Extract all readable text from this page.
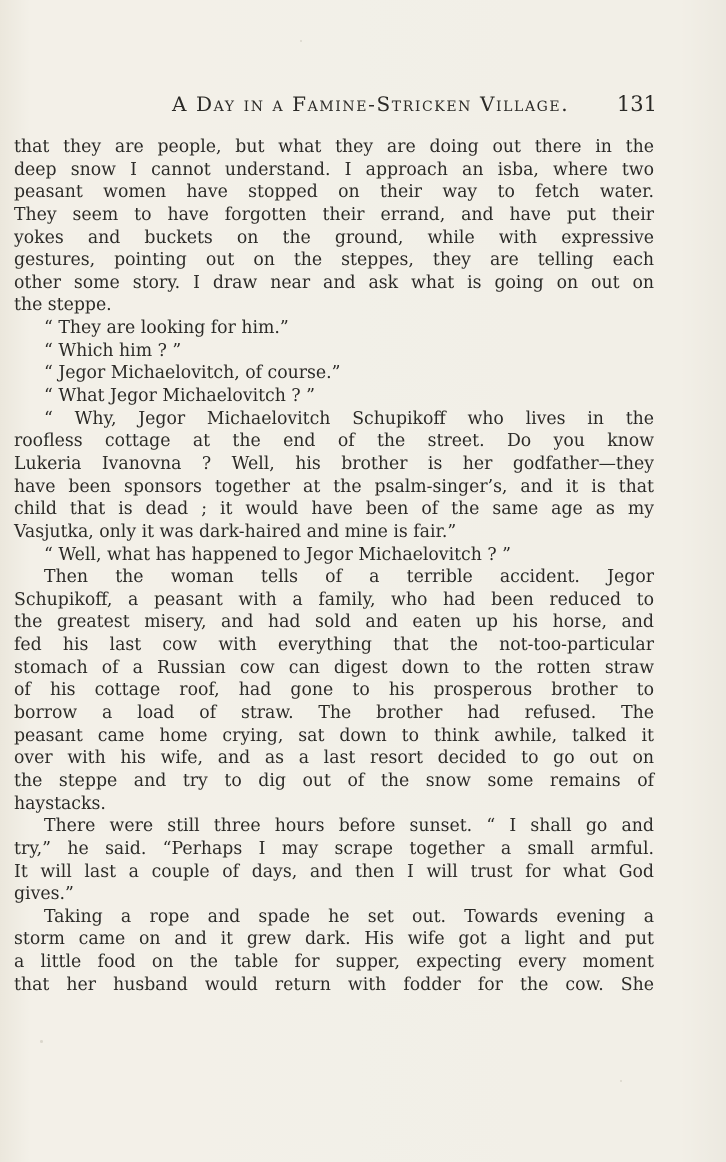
A Day in a Famine-Stricken Village. 131
that they are people, but what they are doing out there in the
deep snow I cannot understand. I approach an isba, where two
peasant women have stopped on their way to fetch water.
They seem to have forgotten their errand, and have put their
yokes and buckets on the ground, while with expressive
gestures, pointing out on the steppes, they are telling each
other some story. I draw near and ask what is going on out on
the steppe.
“ They are looking for him.”
“ Which him ? ”
“ Jegor Michaelovitch, of course.”
“ What Jegor Michaelovitch ? ”
“ Why, Jegor Michaelovitch Schupikoff who lives in the
roofless cottage at the end of the street. Do you know
Lukeria Ivanovna ? Well, his brother is her godfather—they
have been sponsors together at the psalm-singer’s, and it is that
child that is dead ; it would have been of the same age as my
Vasjutka, only it was dark-haired and mine is fair.”
“ Well, what has happened to Jegor Michaelovitch ? ”
Then the woman tells of a terrible accident. Jegor
Schupikoff, a peasant with a family, who had been reduced to
the greatest misery, and had sold and eaten up his horse, and
fed his last cow with everything that the not-too-particular
stomach of a Russian cow can digest down to the rotten straw
of his cottage roof, had gone to his prosperous brother to
borrow a load of straw. The brother had refused. The
peasant came home crying, sat down to think awhile, talked it
over with his wife, and as a last resort decided to go out on
the steppe and try to dig out of the snow some remains of
haystacks.
There were still three hours before sunset. “ I shall go and
try,” he said. “Perhaps I may scrape together a small armful.
It will last a couple of days, and then I will trust for what God
gives.”
Taking a rope and spade he set out. Towards evening a
storm came on and it grew dark. His wife got a light and put
a little food on the table for supper, expecting every moment
that her husband would return with fodder for the cow. She
